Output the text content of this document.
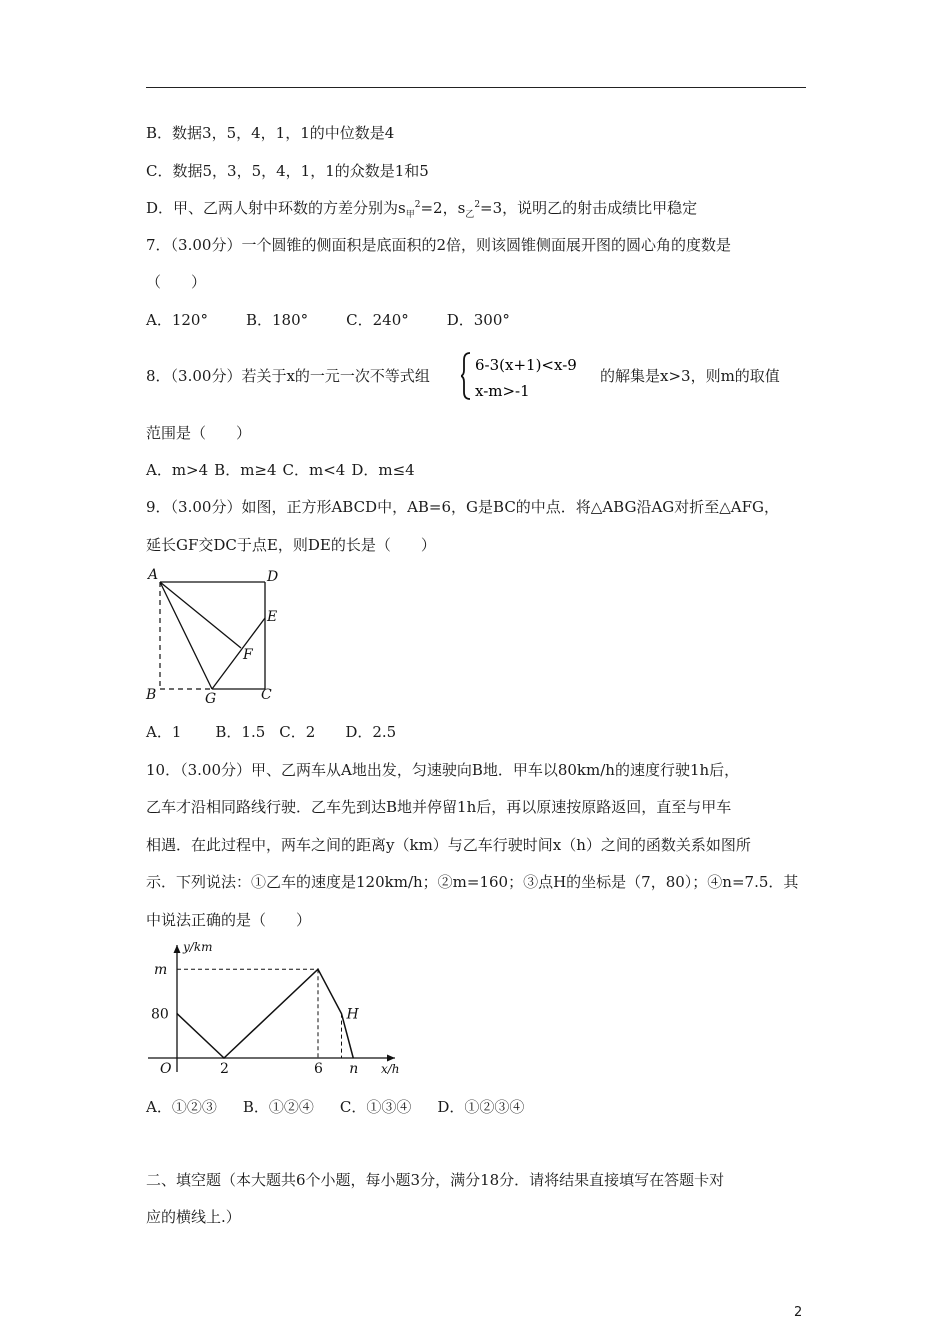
B．数据3，5，4，1，1的中位数是4
C．数据5，3，5，4，1，1的众数是1和5
D．甲、乙两人射中环数的方差分别为$s_甲^2=2$，$s_乙^2=3$，说明乙的射击成绩比甲稳定
7．（3.00分）一个圆锥的侧面积是底面积的2倍，则该圆锥侧面展开图的圆心角的度数是
（　　）
A．120°	B．180°	C．240°	D．300°
8．（3.00分）若关于x的一元一次不等式组
6-3(x+1)<x-9
x-m>-1
的解集是x>3，则m的取值
范围是（　　）
A．m>4 B．m≥4 C．m<4 D．m≤4
9．（3.00分）如图，正方形ABCD中，AB=6，G是BC的中点．将△ABG沿AG对折至△AFG，
延长GF交DC于点E，则DE的长是（　　）
A	D
E
F
B	G	C
A．1 B．1.5 C．2 D．2.5
10．（3.00分）甲、乙两车从A地出发，匀速驶向B地．甲车以80km/h的速度行驶1h后，
乙车才沿相同路线行驶．乙车先到达B地并停留1h后，再以原速按原路返回，直至与甲车
相遇．在此过程中，两车之间的距离y（km）与乙车行驶时间x（h）之间的函数关系如图所
示．下列说法：①乙车的速度是120km/h；②m=160；③点H的坐标是（7，80）；④n=7.5．其
中说法正确的是（　　）
y/km
m
80
O	2	6 n x/h
H
A．①②③ B．①②④ C．①③④ D．①②③④
二、填空题（本大题共6个小题，每小题3分，满分18分．请将结果直接填写在答题卡对
应的横线上.）
2
